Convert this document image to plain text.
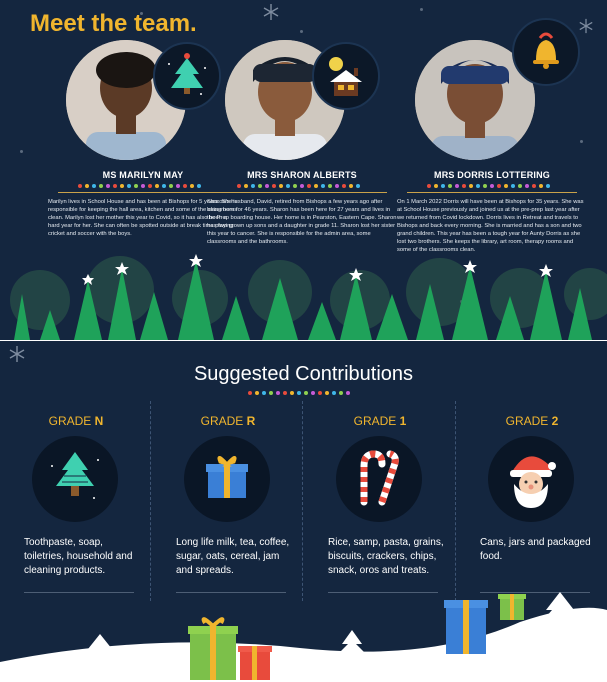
Meet the team.
MS MARILYN MAY

Marilyn lives in School House and has been at Bishops for 5 years. She is responsible for keeping the hall area, kitchen and some of the classrooms clean. Marilyn lost her mother this year to Covid, so it has also been a hard year for her. She can often be spotted outside at break time playing cricket and soccer with the boys.

MRS SHARON ALBERTS

Sharon's husband, David, retired from Bishops a few years ago after being here for 46 years. Sharon has been here for 27 years and lives in the Prep boarding house. Her home is in Pearston, Eastern Cape. Sharon has two grown up sons and a daughter in grade 11. Sharon lost her sister this year to cancer. She is responsible for the admin area, some classrooms and the bathrooms.

MRS DORRIS LOTTERING

On 1 March 2022 Dorris will have been at Bishops for 35 years. She was at School House previously and joined us at the pre-prep last year after we returned from Covid lockdown. Dorris lives in Retreat and travels to Bishops and back every morning. She is married and has a son and two grand children. This year has been a tough year for Aunty Dorris as she lost two brothers. She keeps the library, art room, therapy rooms and some of the classrooms clean.

Suggested Contributions
GRADE N

Toothpaste, soap, toiletries, household and cleaning products.

GRADE R

Long life milk, tea, coffee, sugar, oats, cereal, jam and spreads.

GRADE 1

Rice, samp, pasta, grains, biscuits, crackers, chips, snack, oros and treats.

GRADE 2

Cans, jars and packaged food.
